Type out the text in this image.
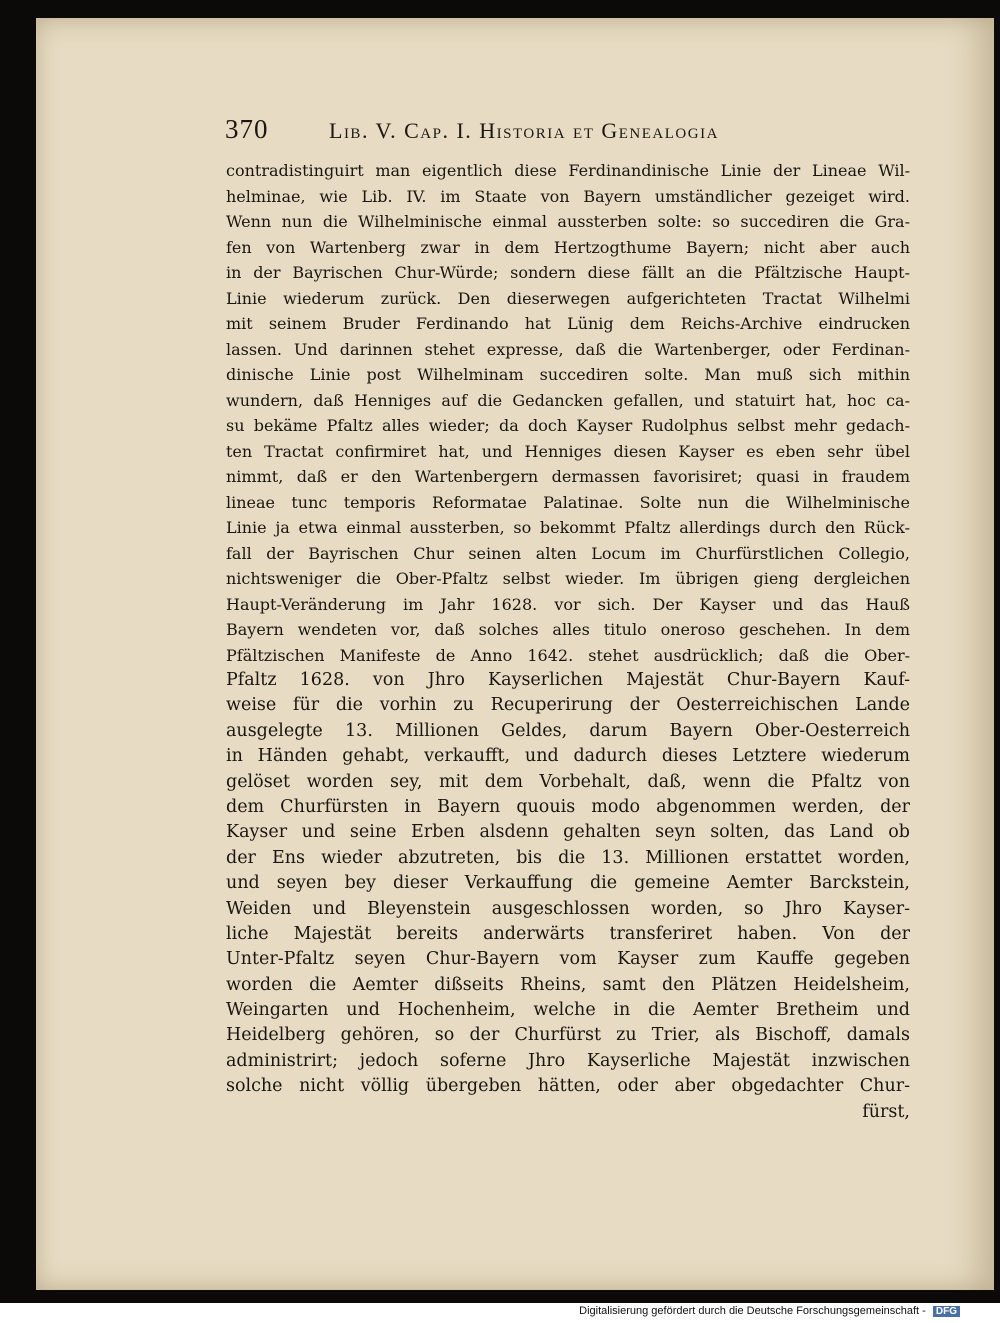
370	Lib. V. Cap. I. Historia et Genealogia
contradistinguirt man eigentlich diese Ferdinandinische Linie der Lineae Wil-
helminae, wie Lib. IV. im Staate von Bayern umständlicher gezeiget wird.
Wenn nun die Wilhelminische einmal aussterben solte: so succediren die Gra-
fen von Wartenberg zwar in dem Hertzogthume Bayern; nicht aber auch
in der Bayrischen Chur-Würde; sondern diese fällt an die Pfältzische Haupt-
Linie wiederum zurück. Den dieserwegen aufgerichteten Tractat Wilhelmi
mit seinem Bruder Ferdinando hat Lünig dem Reichs-Archive eindrucken
lassen. Und darinnen stehet expresse, daß die Wartenberger, oder Ferdinan-
dinische Linie post Wilhelminam succediren solte. Man muß sich mithin
wundern, daß Henniges auf die Gedancken gefallen, und statuirt hat, hoc ca-
su bekäme Pfaltz alles wieder; da doch Kayser Rudolphus selbst mehr gedach-
ten Tractat confirmiret hat, und Henniges diesen Kayser es eben sehr übel
nimmt, daß er den Wartenbergern dermassen favorisiret; quasi in fraudem
lineae tunc temporis Reformatae Palatinae. Solte nun die Wilhelminische
Linie ja etwa einmal aussterben, so bekommt Pfaltz allerdings durch den Rück-
fall der Bayrischen Chur seinen alten Locum im Churfürstlichen Collegio,
nichtsweniger die Ober-Pfaltz selbst wieder. Im übrigen gieng dergleichen
Haupt-Veränderung im Jahr 1628. vor sich. Der Kayser und das Hauß
Bayern wendeten vor, daß solches alles titulo oneroso geschehen. In dem
Pfältzischen Manifeste de Anno 1642. stehet ausdrücklich; daß die Ober-
Pfaltz 1628. von Jhro Kayserlichen Majestät Chur-Bayern Kauf-
weise für die vorhin zu Recuperirung der Oesterreichischen Lande
ausgelegte 13. Millionen Geldes, darum Bayern Ober-Oesterreich
in Händen gehabt, verkaufft, und dadurch dieses Letztere wiederum
gelöset worden sey, mit dem Vorbehalt, daß, wenn die Pfaltz von
dem Churfürsten in Bayern quouis modo abgenommen werden, der
Kayser und seine Erben alsdenn gehalten seyn solten, das Land ob
der Ens wieder abzutreten, bis die 13. Millionen erstattet worden,
und seyen bey dieser Verkauffung die gemeine Aemter Barckstein,
Weiden und Bleyenstein ausgeschlossen worden, so Jhro Kayser-
liche Majestät bereits anderwärts transferiret haben. Von der
Unter-Pfaltz seyen Chur-Bayern vom Kayser zum Kauffe gegeben
worden die Aemter dißseits Rheins, samt den Plätzen Heidelsheim,
Weingarten und Hochenheim, welche in die Aemter Bretheim und
Heidelberg gehören, so der Churfürst zu Trier, als Bischoff, damals
administrirt; jedoch soferne Jhro Kayserliche Majestät inzwischen
solche nicht völlig übergeben hätten, oder aber obgedachter Chur-
fürst,
Digitalisierung gefördert durch die Deutsche Forschungsgemeinschaft - DFG
